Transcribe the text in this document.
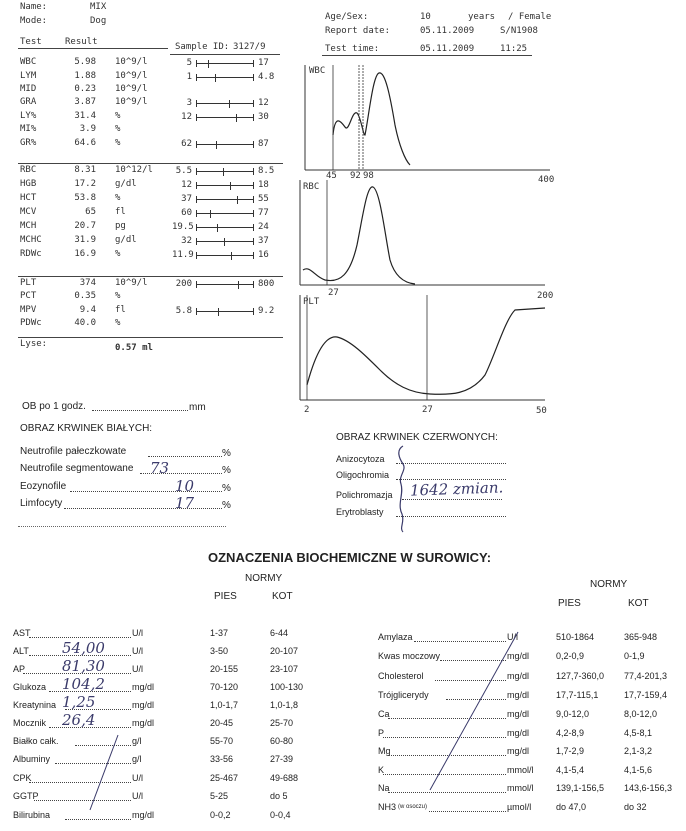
Name:	MIX
Mode:	Dog	Age/Sex:	10	years / Female
Report date:	05.11.2009	S/N1908
Test	Result	Sample ID: 3127/9	Test time:	05.11.2009	11:25
WBC	5.98 10^9/l	5	17
LYM	1.88 10^9/l	1	4.8
MID	0.23 10^9/l
GRA	3.87 10^9/l	3	12
LY%	31.4 %	12	30
MI%	3.9 %
GR%	64.6 %	62	87
RBC	8.31 10^12/l	5.5	8.5
HGB	17.2 g/dl	12	18
HCT	53.8 %	37	55
MCV	65 fl	60	77
MCH	20.7 pg	19.5	24
MCHC	31.9 g/dl	32	37
RDWc	16.9 %	11.9	16
PLT	374 10^9/l	200	800
PCT	0.35 %
MPV	9.4 fl	5.8	9.2
PDWc	40.0 %
Lyse:	0.57 ml
WBC
45 92 98	400
RBC
27	200
PLT
2	27	50
OB po 1 godz.	mm
OBRAZ KRWINEK BIAŁYCH:
Neutrofile pałeczkowate	%
Neutrofile segmentowane 73	%
Eozynofile	10	%
Limfocyty	17	%
OBRAZ KRWINEK CZERWONYCH:
Anizocytoza
Oligochromia
Polichromazja
Erytroblasty
1642 zmian.
OZNACZENIA BIOCHEMICZNE W SUROWICY:
NORMY
PIES	KOT
NORMY
PIES	KOT
AST	U/l	1-37	6-44
ALT 54,00	U/l	3-50	20-107
AP 81,30	U/l	20-155	23-107
Glukoza 104,2	mg/dl	70-120	100-130
Kreatynina 1,25	mg/dl	1,0-1,7	1,0-1,8
Mocznik 26,4	mg/dl	20-45	25-70
Białko całk.	g/l	55-70	60-80
Albuminy	g/l	33-56	27-39
CPK	U/l	25-467	49-688
GGTP	U/l	5-25	do 5
Bilirubina	mg/dl	0-0,2	0-0,4
Amylaza	U/l	510-1864	365-948
Kwas moczowy	mg/dl	0,2-0,9	0-1,9
Cholesterol	mg/dl	127,7-360,0 77,4-201,3
Trójglicerydy	mg/dl	17,7-115,1	17,7-159,4
Ca	mg/dl	9,0-12,0	8,0-12,0
P	mg/dl	4,2-8,9	4,5-8,1
Mg	mg/dl	1,7-2,9	2,1-3,2
K	mmol/l	4,1-5,4	4,1-5,6
Na	mmol/l	139,1-156,5 143,6-156,3
NH3 (w osoczu)	µmol/l	do 47,0	do 32
